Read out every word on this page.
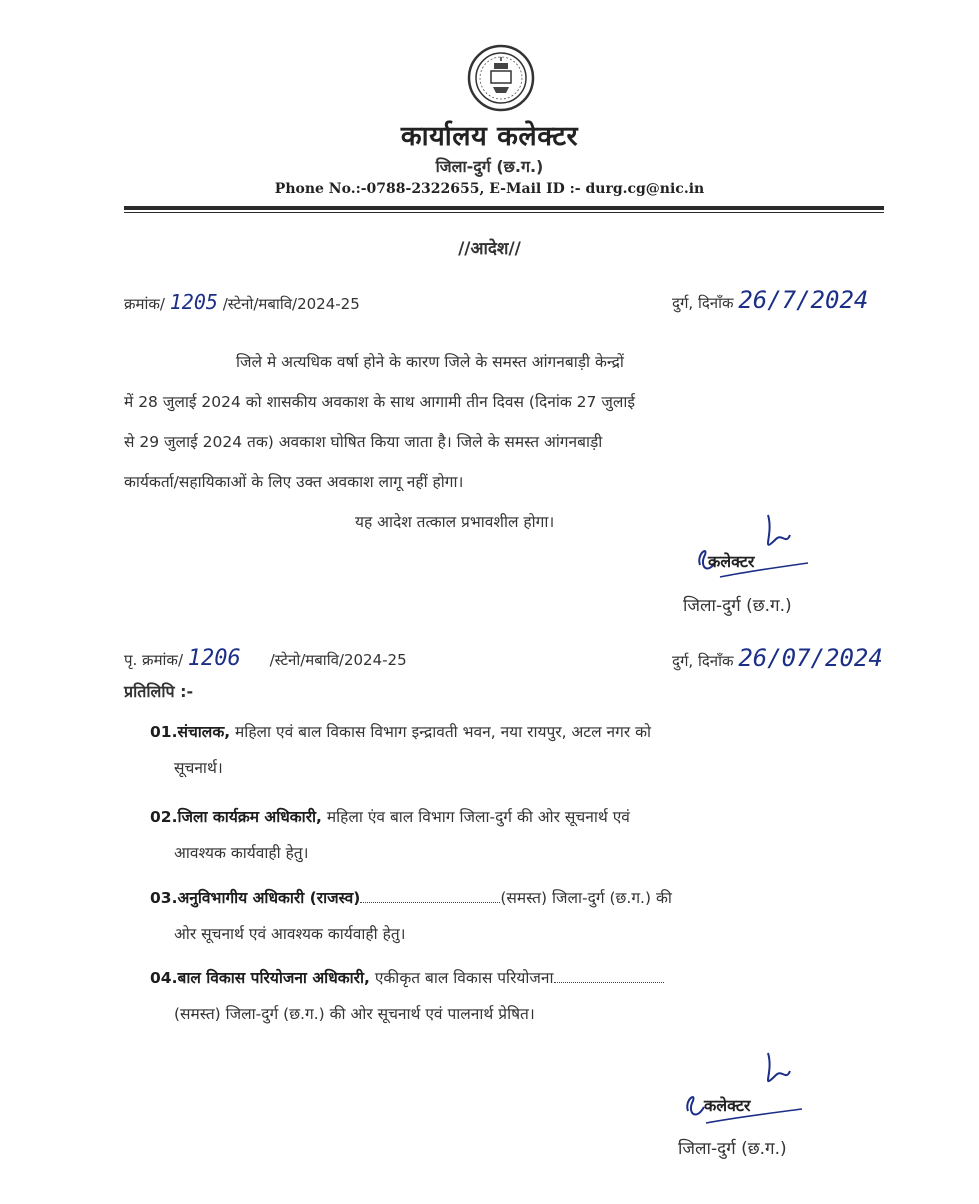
कार्यालय कलेक्टर
जिला-दुर्ग (छ.ग.)
Phone No.:-0788-2322655, E-Mail ID :- durg.cg@nic.in
//आदेश//
क्रमांक/ 1205 /स्टेनो/मबावि/2024-25	दुर्ग, दिनाँक 26/7/2024
जिले मे अत्यधिक वर्षा होने के कारण जिले के समस्त आंगनबाड़ी केन्द्रों
में 28 जुलाई 2024 को शासकीय अवकाश के साथ आगामी तीन दिवस (दिनांक 27 जुलाई
से 29 जुलाई 2024 तक) अवकाश घोषित किया जाता है। जिले के समस्त आंगनबाड़ी
कार्यकर्ता/सहायिकाओं के लिए उक्त अवकाश लागू नहीं होगा।
यह आदेश तत्काल प्रभावशील होगा।
कलेक्टर
जिला-दुर्ग (छ.ग.)
पृ. क्रमांक/ 1206 /स्टेनो/मबावि/2024-25	दुर्ग, दिनाँक 26/07/2024
प्रतिलिपि :-
01.संचालक, महिला एवं बाल विकास विभाग इन्द्रावती भवन, नया रायपुर, अटल नगर को
सूचनार्थ।
02.जिला कार्यक्रम अधिकारी, महिला एंव बाल विभाग जिला-दुर्ग की ओर सूचनार्थ एवं
आवश्यक कार्यवाही हेतु।
03.अनुविभागीय अधिकारी (राजस्व)	(समस्त) जिला-दुर्ग (छ.ग.) की
ओर सूचनार्थ एवं आवश्यक कार्यवाही हेतु।
04.बाल विकास परियोजना अधिकारी, एकीकृत बाल विकास परियोजना
(समस्त) जिला-दुर्ग (छ.ग.) की ओर सूचनार्थ एवं पालनार्थ प्रेषित।
कलेक्टर
जिला-दुर्ग (छ.ग.)
